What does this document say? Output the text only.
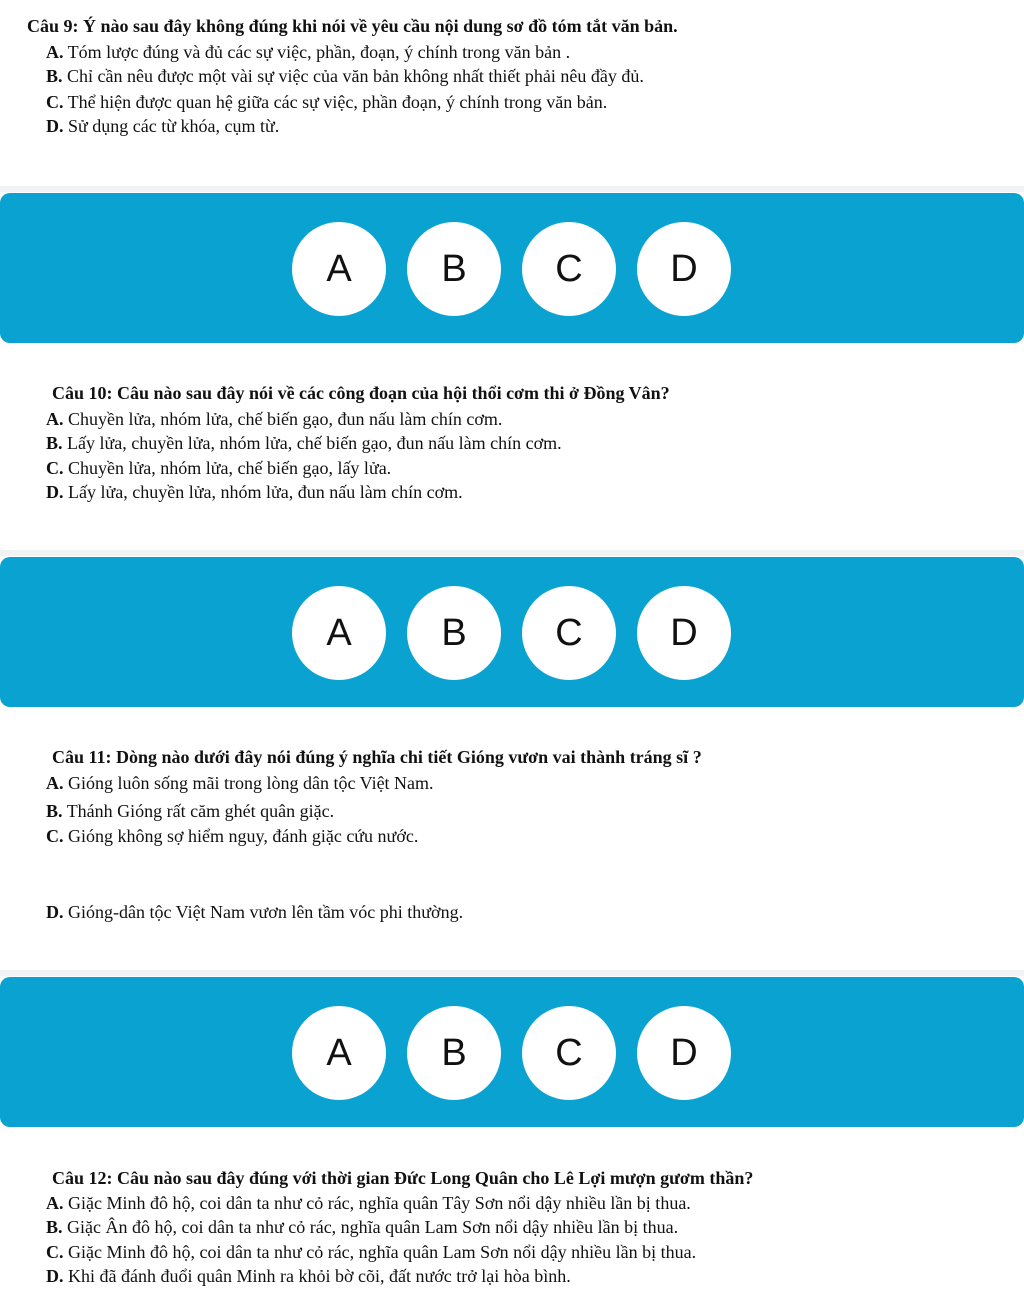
Câu 9: Ý nào sau đây không đúng khi nói về yêu cầu nội dung sơ đồ tóm tắt văn bản.
A. Tóm lược đúng và đủ các sự việc, phần, đoạn, ý chính trong văn bản .
B. Chỉ cần nêu được một vài sự việc của văn bản không nhất thiết phải nêu đầy đủ.
C. Thể hiện được quan hệ giữa các sự việc, phần đoạn, ý chính trong văn bản.
D. Sử dụng các từ khóa, cụm từ.
A	B	C	D
Câu 10: Câu nào sau đây nói về các công đoạn của hội thổi cơm thi ở Đồng Vân?
A. Chuyền lửa, nhóm lửa, chế biến gạo, đun nấu làm chín cơm.
B. Lấy lửa, chuyền lửa, nhóm lửa, chế biến gạo, đun nấu làm chín cơm.
C. Chuyền lửa, nhóm lửa, chế biến gạo, lấy lửa.
D. Lấy lửa, chuyền lửa, nhóm lửa, đun nấu làm chín cơm.
A	B	C	D
Câu 11: Dòng nào dưới đây nói đúng ý nghĩa chi tiết Gióng vươn vai thành tráng sĩ ?
A. Gióng luôn sống mãi trong lòng dân tộc Việt Nam.
B. Thánh Gióng rất căm ghét quân giặc.
C. Gióng không sợ hiểm nguy, đánh giặc cứu nước.
D. Gióng-dân tộc Việt Nam vươn lên tầm vóc phi thường.
A	B	C	D
Câu 12: Câu nào sau đây đúng với thời gian Đức Long Quân cho Lê Lợi mượn gươm thần?
A. Giặc Minh đô hộ, coi dân ta như cỏ rác, nghĩa quân Tây Sơn nổi dậy nhiều lần bị thua.
B. Giặc Ân đô hộ, coi dân ta như cỏ rác, nghĩa quân Lam Sơn nổi dậy nhiều lần bị thua.
C. Giặc Minh đô hộ, coi dân ta như cỏ rác, nghĩa quân Lam Sơn nổi dậy nhiều lần bị thua.
D. Khi đã đánh đuổi quân Minh ra khỏi bờ cõi, đất nước trở lại hòa bình.
